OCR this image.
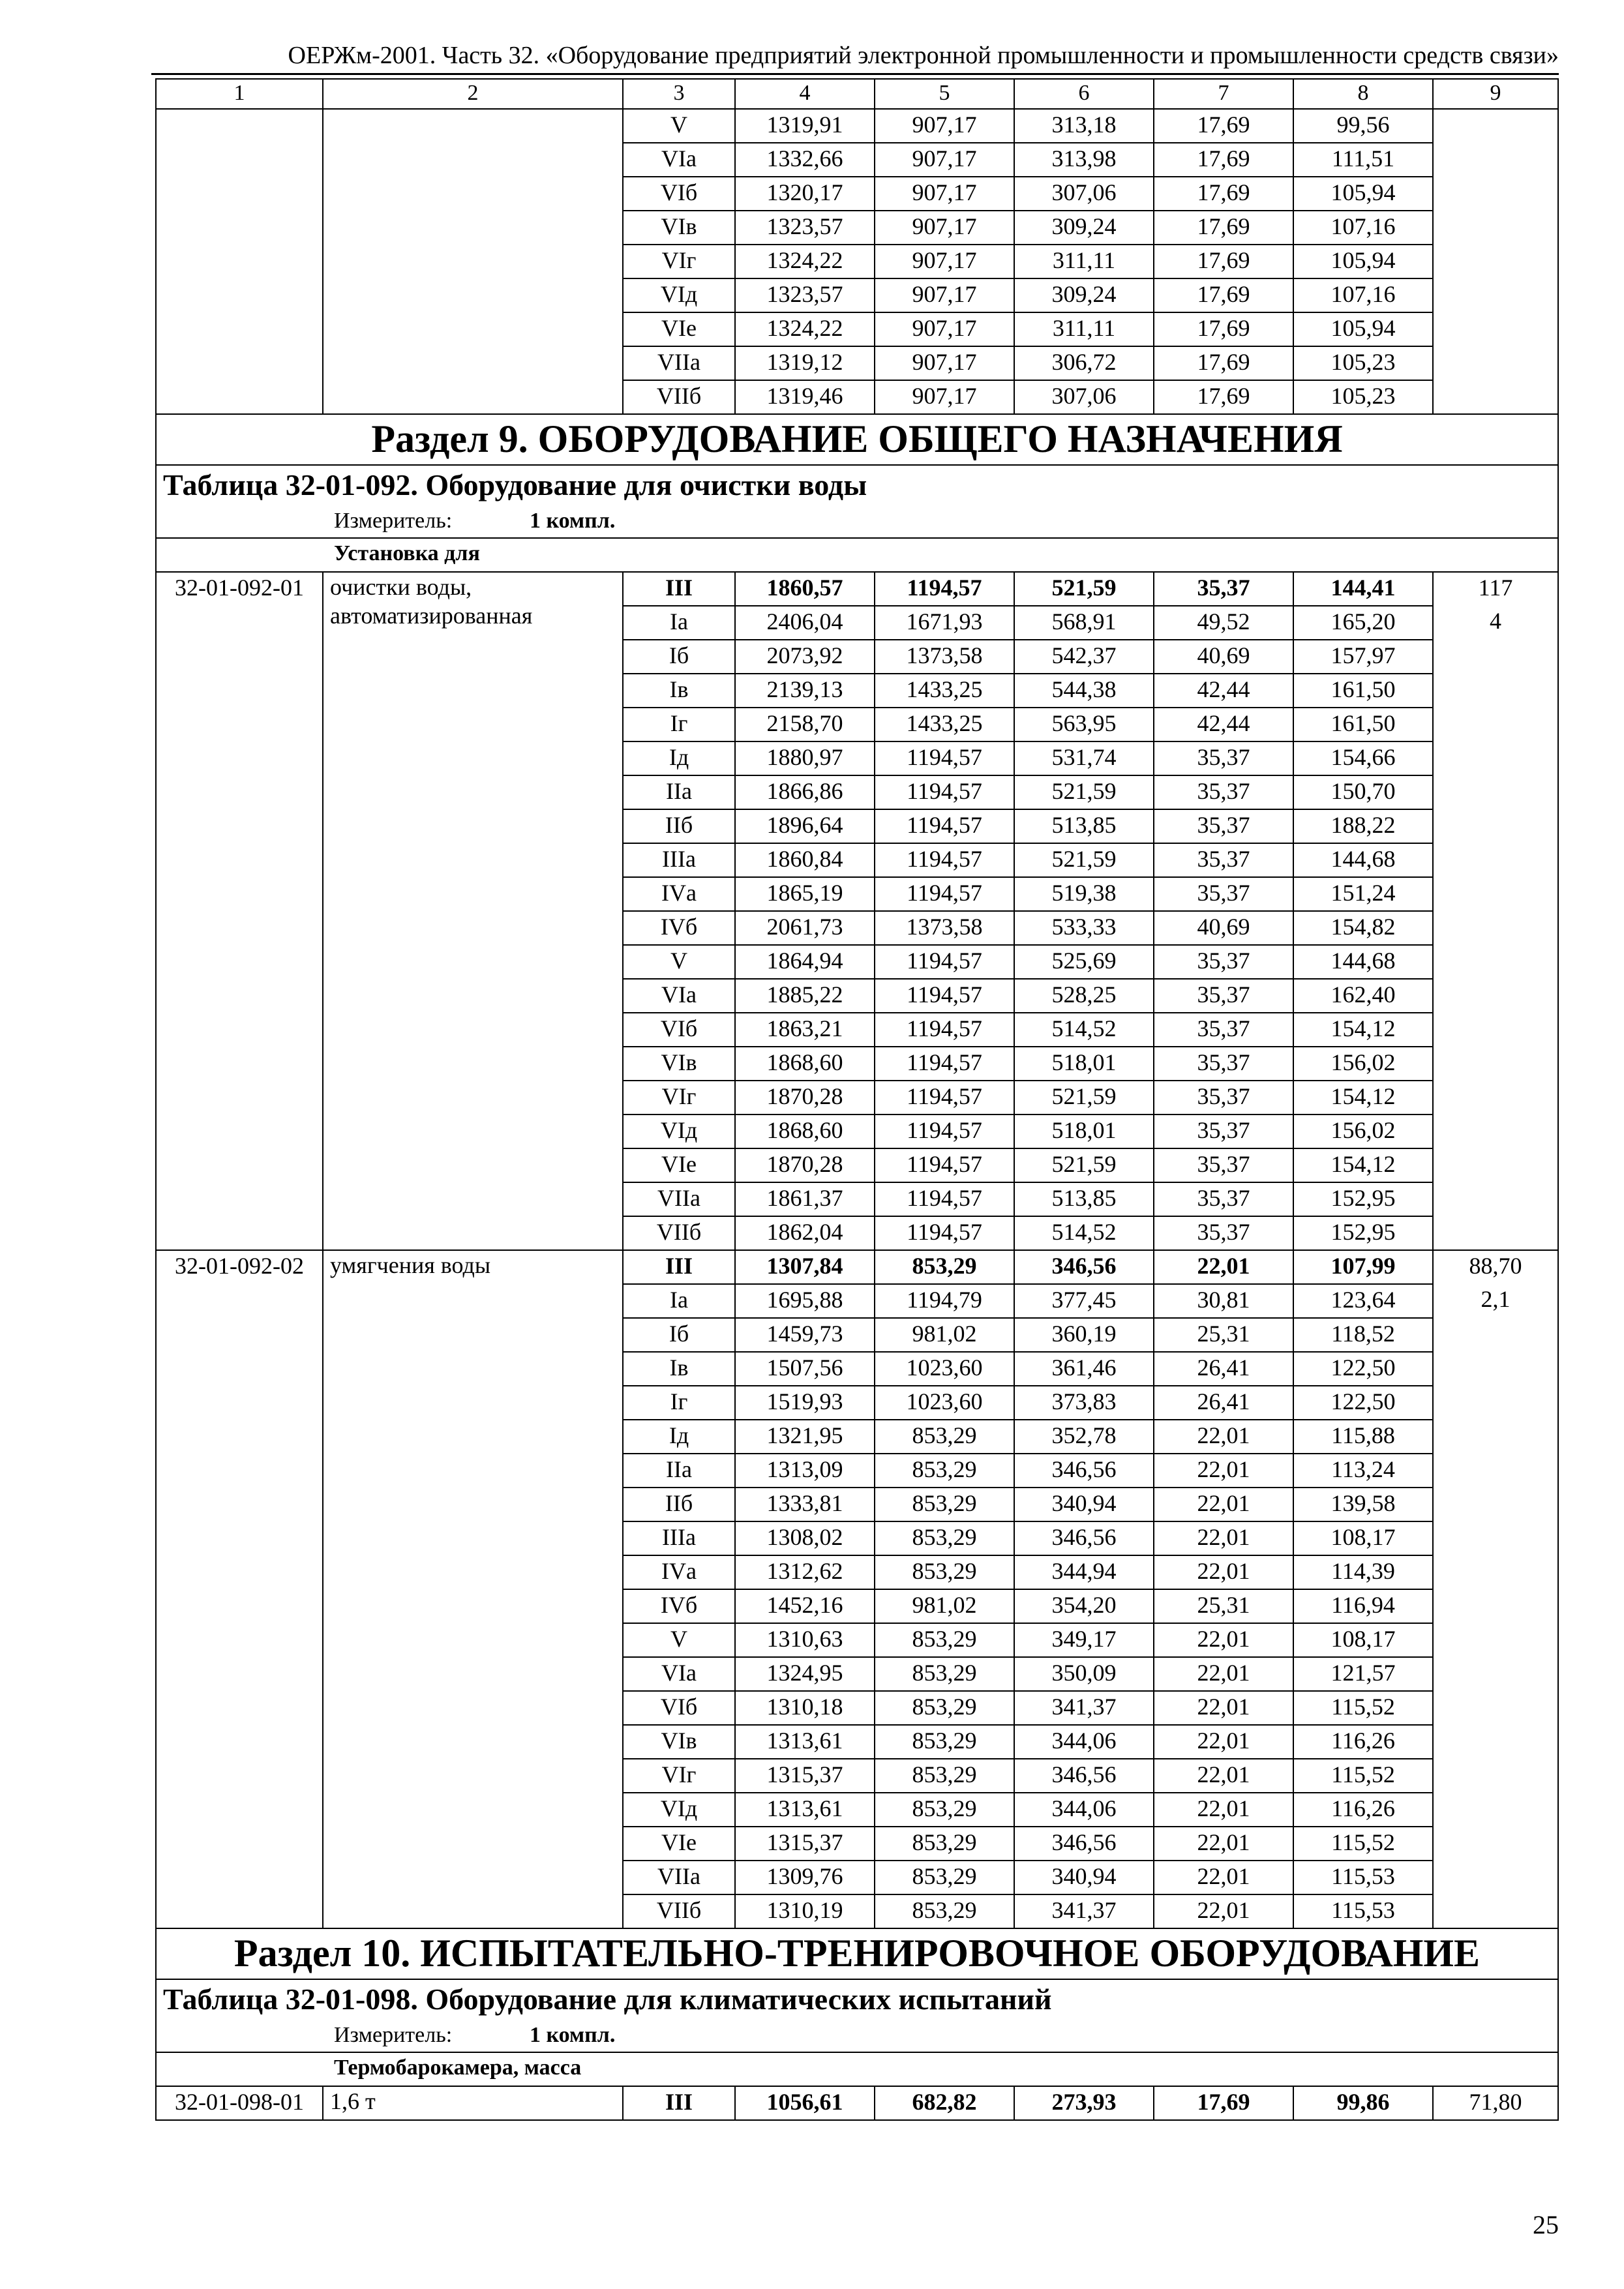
ОЕРЖм-2001. Часть 32. «Оборудование предприятий электронной промышленности и промышленности средств связи»
1	2	3	4	5	6	7	8	9
		V	1319,91	907,17	313,18	17,69	99,56	
		VIа	1332,66	907,17	313,98	17,69	111,51	
		VIб	1320,17	907,17	307,06	17,69	105,94	
		VIв	1323,57	907,17	309,24	17,69	107,16	
		VIг	1324,22	907,17	311,11	17,69	105,94	
		VIд	1323,57	907,17	309,24	17,69	107,16	
		VIе	1324,22	907,17	311,11	17,69	105,94	
		VIIа	1319,12	907,17	306,72	17,69	105,23	
		VIIб	1319,46	907,17	307,06	17,69	105,23	
Раздел 9. ОБОРУДОВАНИЕ ОБЩЕГО НАЗНАЧЕНИЯ								
Таблица 32-01-092. Оборудование для очистки воды								
Измеритель: 1 компл.								
Установка для								
32-01-092-01	очистки воды, автоматизированная	III	1860,57	1194,57	521,59	35,37	144,41	117
		Iа	2406,04	1671,93	568,91	49,52	165,20	4
		Iб	2073,92	1373,58	542,37	40,69	157,97	
		Iв	2139,13	1433,25	544,38	42,44	161,50	
		Iг	2158,70	1433,25	563,95	42,44	161,50	
		Iд	1880,97	1194,57	531,74	35,37	154,66	
		IIа	1866,86	1194,57	521,59	35,37	150,70	
		IIб	1896,64	1194,57	513,85	35,37	188,22	
		IIIа	1860,84	1194,57	521,59	35,37	144,68	
		IVа	1865,19	1194,57	519,38	35,37	151,24	
		IVб	2061,73	1373,58	533,33	40,69	154,82	
		V	1864,94	1194,57	525,69	35,37	144,68	
		VIа	1885,22	1194,57	528,25	35,37	162,40	
		VIб	1863,21	1194,57	514,52	35,37	154,12	
		VIв	1868,60	1194,57	518,01	35,37	156,02	
		VIг	1870,28	1194,57	521,59	35,37	154,12	
		VIд	1868,60	1194,57	518,01	35,37	156,02	
		VIе	1870,28	1194,57	521,59	35,37	154,12	
		VIIа	1861,37	1194,57	513,85	35,37	152,95	
		VIIб	1862,04	1194,57	514,52	35,37	152,95	
32-01-092-02	умягчения воды	III	1307,84	853,29	346,56	22,01	107,99	88,70
		Iа	1695,88	1194,79	377,45	30,81	123,64	2,1
		Iб	1459,73	981,02	360,19	25,31	118,52	
		Iв	1507,56	1023,60	361,46	26,41	122,50	
		Iг	1519,93	1023,60	373,83	26,41	122,50	
		Iд	1321,95	853,29	352,78	22,01	115,88	
		IIа	1313,09	853,29	346,56	22,01	113,24	
		IIб	1333,81	853,29	340,94	22,01	139,58	
		IIIа	1308,02	853,29	346,56	22,01	108,17	
		IVа	1312,62	853,29	344,94	22,01	114,39	
		IVб	1452,16	981,02	354,20	25,31	116,94	
		V	1310,63	853,29	349,17	22,01	108,17	
		VIа	1324,95	853,29	350,09	22,01	121,57	
		VIб	1310,18	853,29	341,37	22,01	115,52	
		VIв	1313,61	853,29	344,06	22,01	116,26	
		VIг	1315,37	853,29	346,56	22,01	115,52	
		VIд	1313,61	853,29	344,06	22,01	116,26	
		VIе	1315,37	853,29	346,56	22,01	115,52	
		VIIа	1309,76	853,29	340,94	22,01	115,53	
		VIIб	1310,19	853,29	341,37	22,01	115,53	
Раздел 10. ИСПЫТАТЕЛЬНО-ТРЕНИРОВОЧНОЕ ОБОРУДОВАНИЕ								
Таблица 32-01-098. Оборудование для климатических испытаний								
Измеритель: 1 компл.								
Термобарокамера, масса								
32-01-098-01	1,6 т	III	1056,61	682,82	273,93	17,69	99,86	71,80
25
